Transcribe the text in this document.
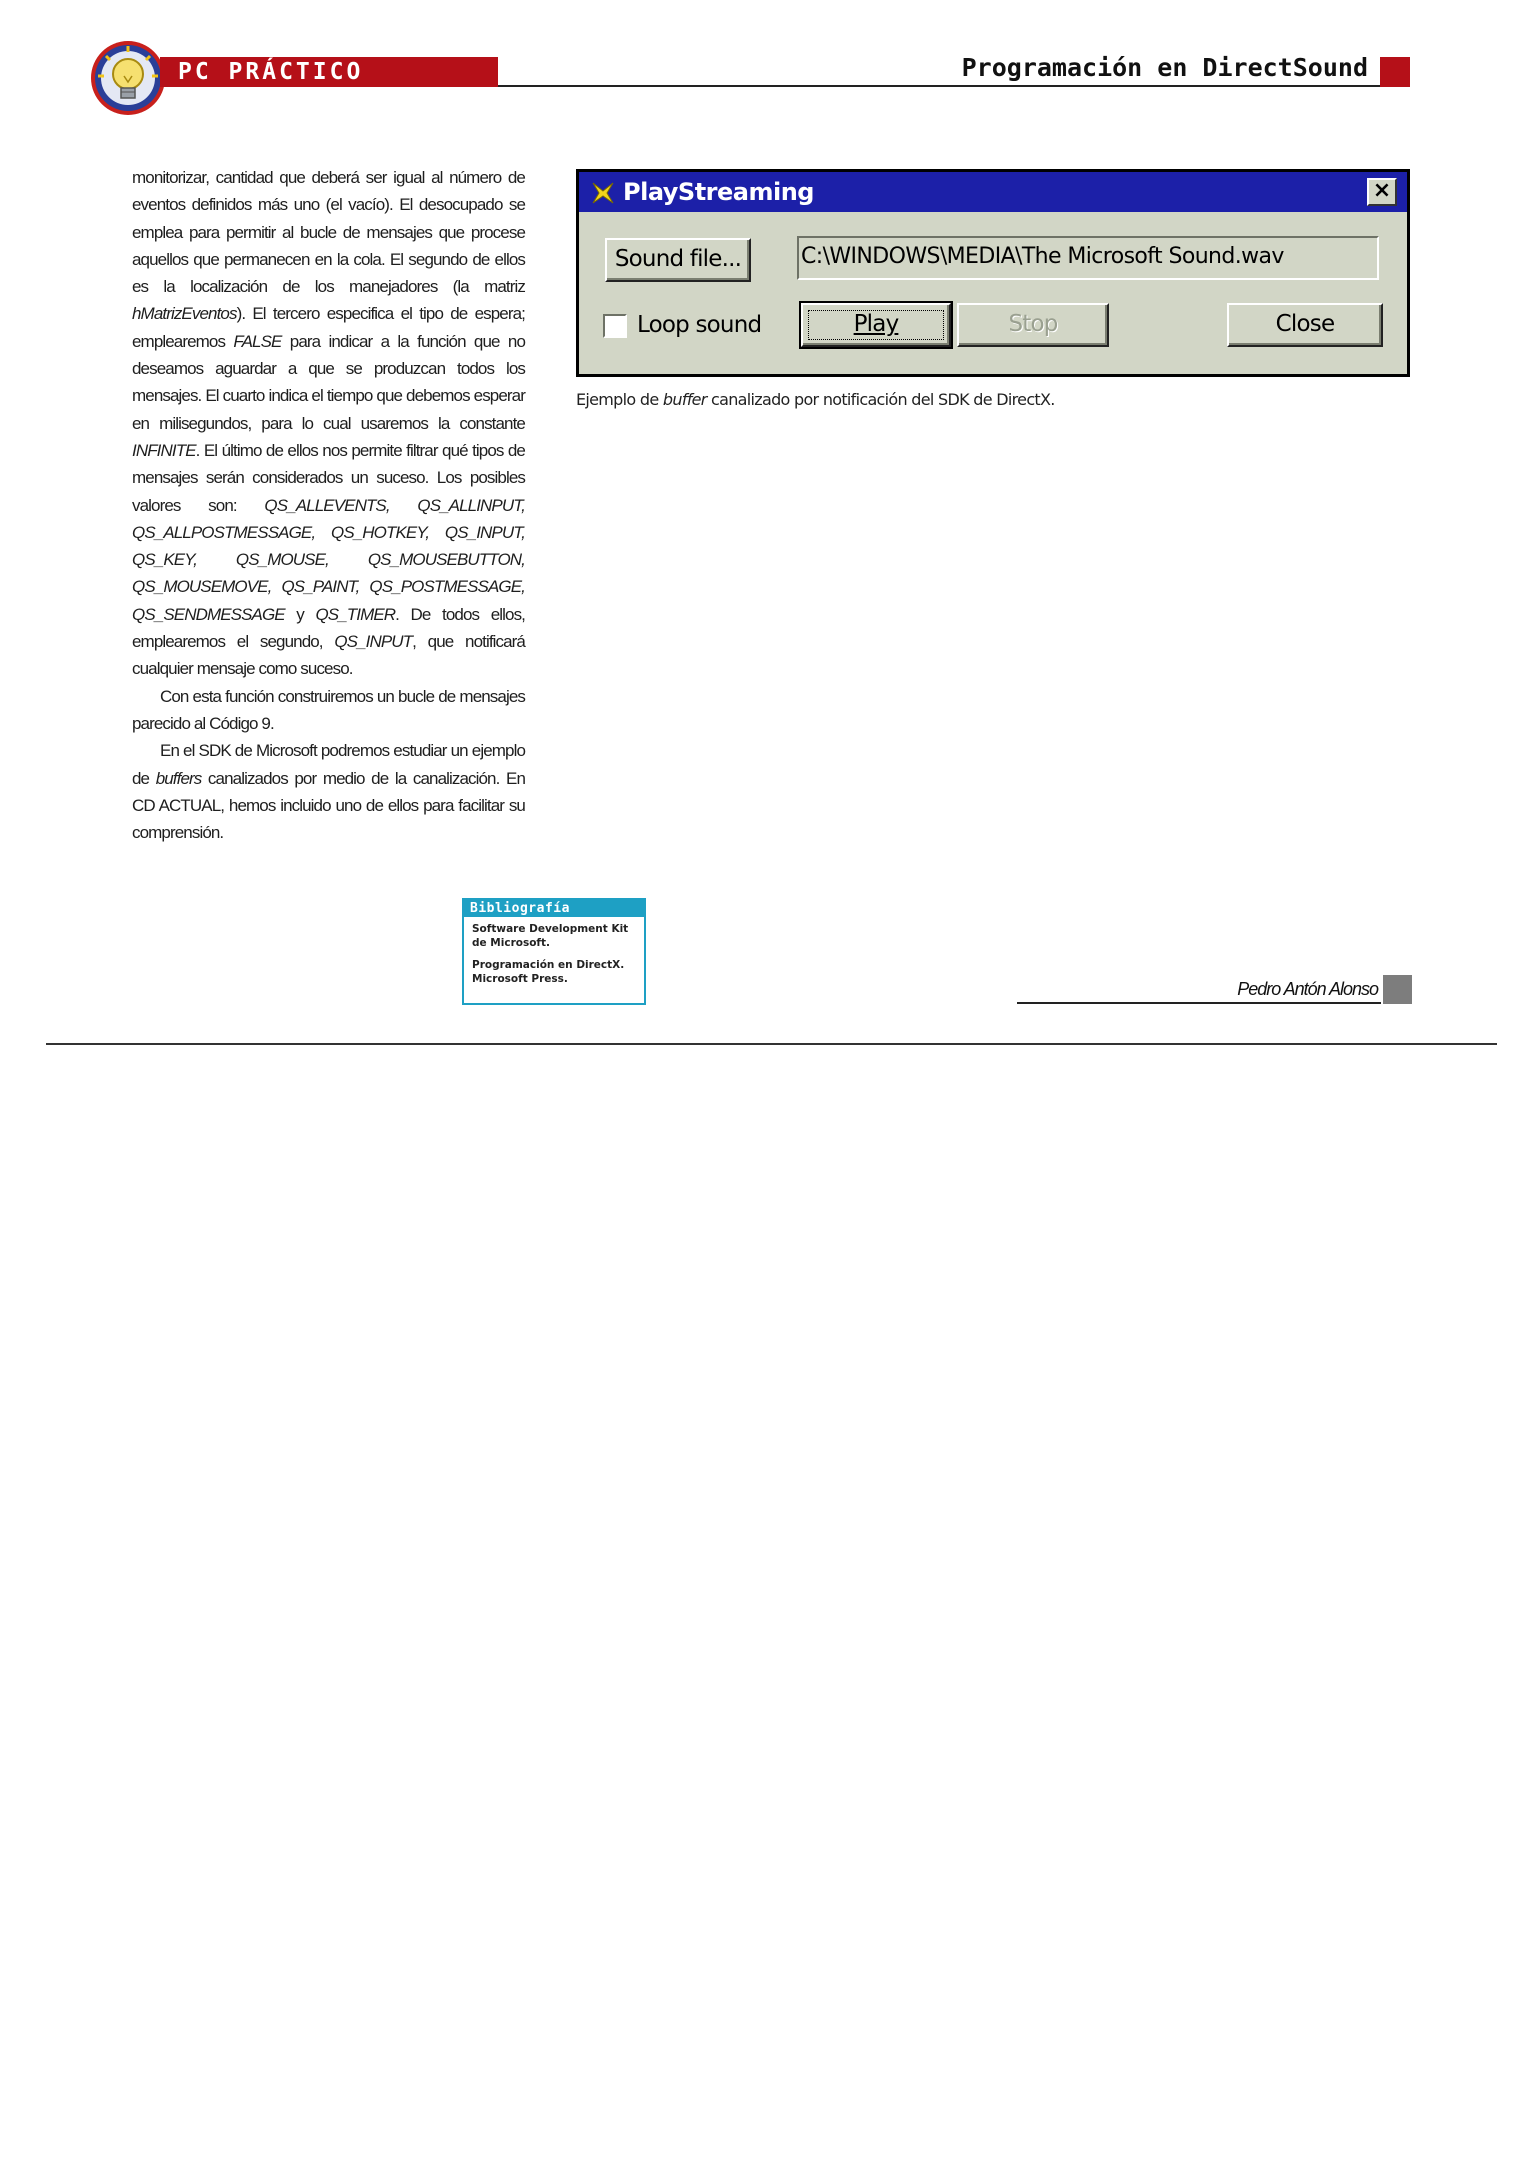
PC PRÁCTICO	Programación en DirectSound

monitorizar, cantidad que deberá ser igual al número de eventos definidos más uno (el vacío). El desocupado se emplea para permitir al bucle de mensajes que procese aquellos que permanecen en la cola. El segundo de ellos es la localización de los manejadores (la matriz hMatrizEventos). El tercero especifica el tipo de espera; emplearemos FALSE para indicar a la función que no deseamos aguardar a que se produzcan todos los mensajes. El cuarto indica el tiempo que debemos esperar en milisegundos, para lo cual usaremos la constante INFINITE. El último de ellos nos permite filtrar qué tipos de mensajes serán considerados un suceso. Los posibles valores son: QS_ALLEVENTS, QS_ALLINPUT, QS_ALLPOSTMESSAGE, QS_HOTKEY, QS_INPUT, QS_KEY, QS_MOUSE, QS_MOUSEBUTTON, QS_MOUSEMOVE, QS_PAINT, QS_POSTMESSAGE, QS_SENDMESSAGE y QS_TIMER. De todos ellos, emplearemos el segundo, QS_INPUT, que notificará cualquier mensaje como suceso.

Con esta función construiremos un bucle de mensajes parecido al Código 9.

En el SDK de Microsoft podremos estudiar un ejemplo de buffers canalizados por medio de la canalización. En CD ACTUAL, hemos incluido uno de ellos para facilitar su comprensión.

PlayStreaming	×
Sound file...	C:\WINDOWS\MEDIA\The Microsoft Sound.wav
Loop sound	Play	Stop	Close
Ejemplo de buffer canalizado por notificación del SDK de DirectX.
Bibliografía
Software Development Kit de Microsoft.
Programación en DirectX. Microsoft Press.	Pedro Antón Alonso
